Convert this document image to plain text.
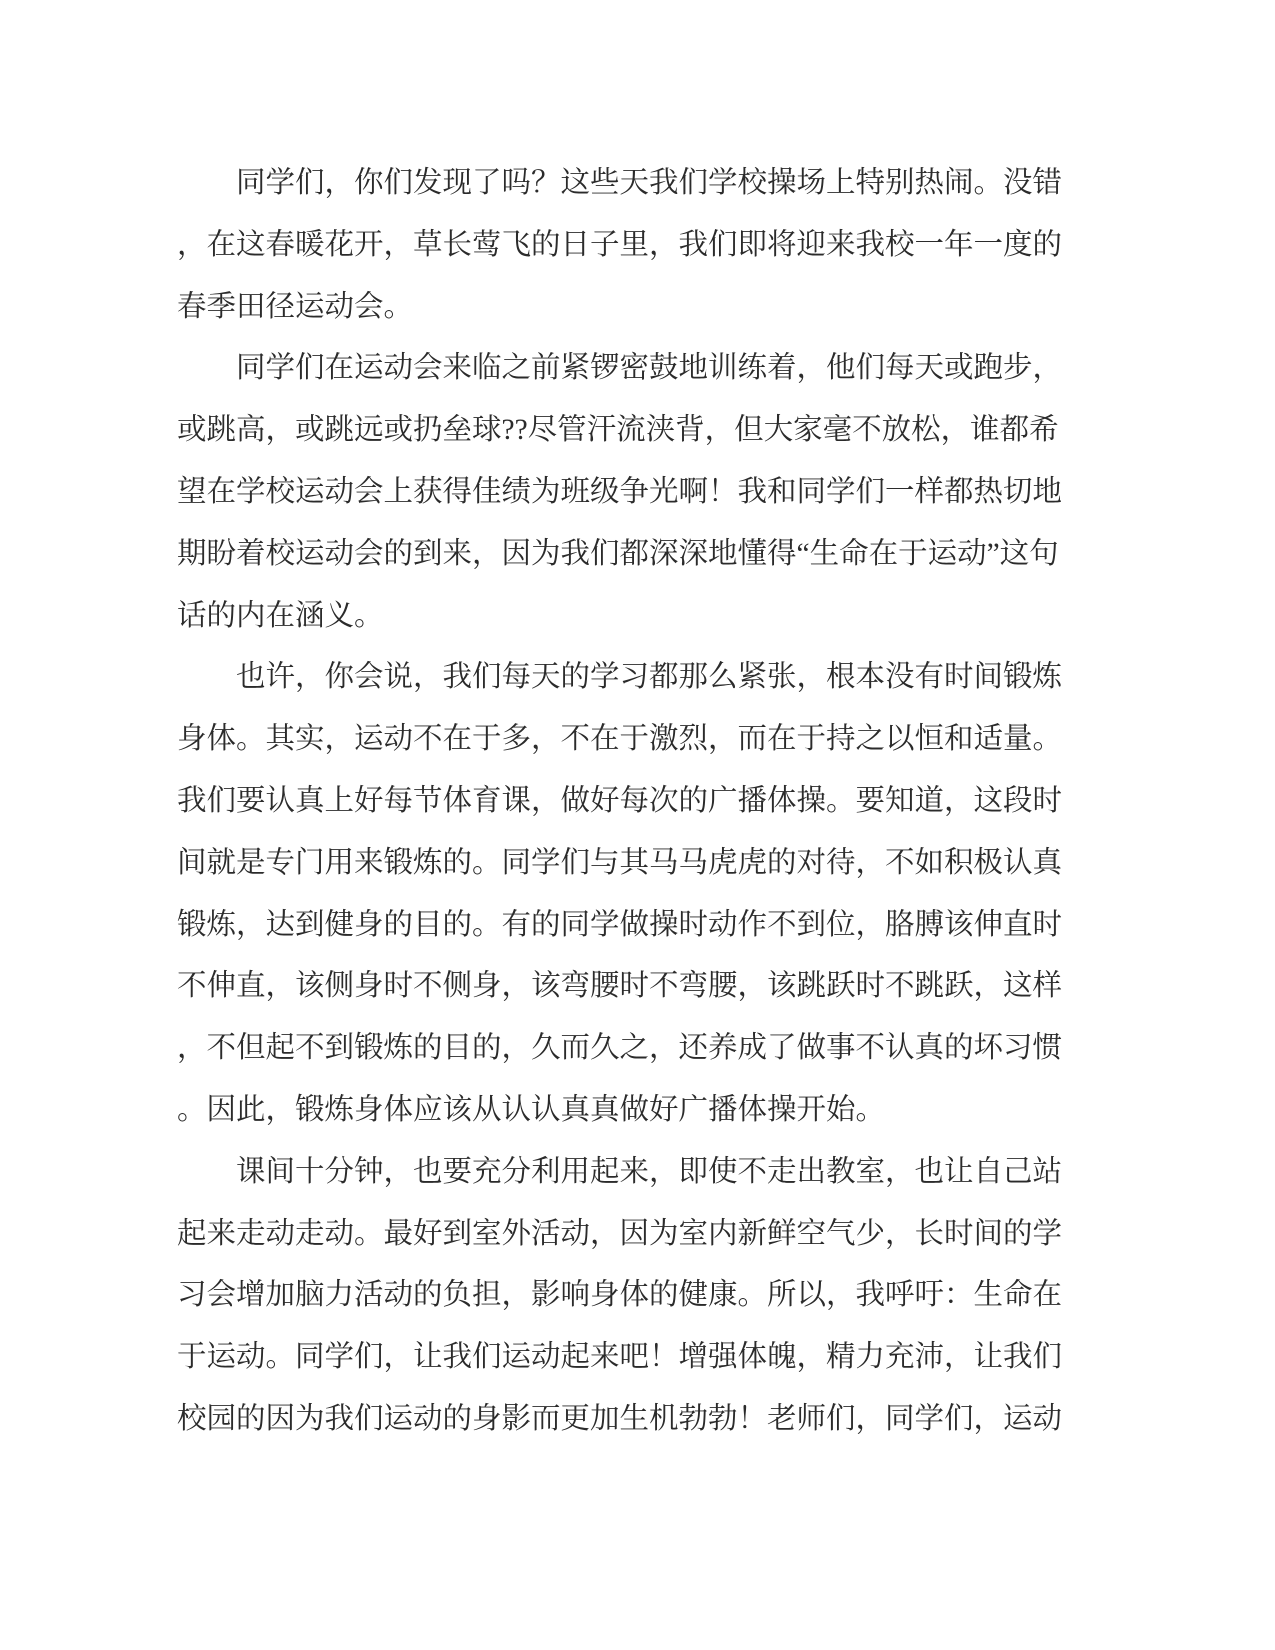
同学们，你们发现了吗？这些天我们学校操场上特别热闹。没错，在这春暖花开，草长莺飞的日子里，我们即将迎来我校一年一度的春季田径运动会。

同学们在运动会来临之前紧锣密鼓地训练着，他们每天或跑步，或跳高，或跳远或扔垒球??尽管汗流浃背，但大家毫不放松，谁都希望在学校运动会上获得佳绩为班级争光啊！我和同学们一样都热切地期盼着校运动会的到来，因为我们都深深地懂得“生命在于运动”这句话的内在涵义。

也许，你会说，我们每天的学习都那么紧张，根本没有时间锻炼身体。其实，运动不在于多，不在于激烈，而在于持之以恒和适量。我们要认真上好每节体育课，做好每次的广播体操。要知道，这段时间就是专门用来锻炼的。同学们与其马马虎虎的对待，不如积极认真锻炼，达到健身的目的。有的同学做操时动作不到位，胳膊该伸直时不伸直，该侧身时不侧身，该弯腰时不弯腰，该跳跃时不跳跃，这样，不但起不到锻炼的目的，久而久之，还养成了做事不认真的坏习惯。因此，锻炼身体应该从认认真真做好广播体操开始。

课间十分钟，也要充分利用起来，即使不走出教室，也让自己站起来走动走动。最好到室外活动，因为室内新鲜空气少，长时间的学习会增加脑力活动的负担，影响身体的健康。所以，我呼吁：生命在于运动。同学们，让我们运动起来吧！增强体魄，精力充沛，让我们校园的因为我们运动的身影而更加生机勃勃！老师们，同学们，运动
